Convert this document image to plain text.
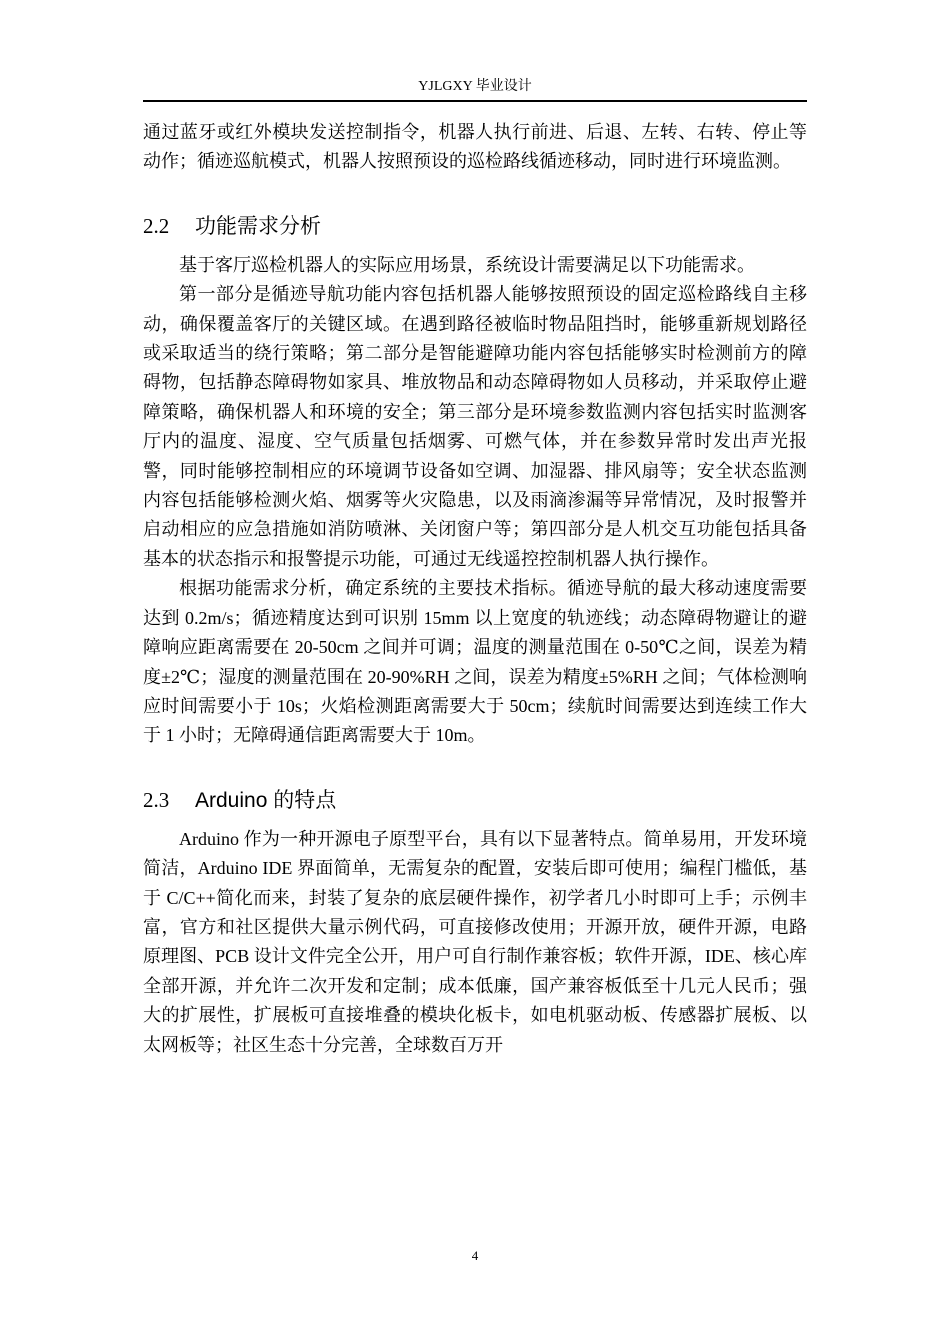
YJLGXY 毕业设计

通过蓝牙或红外模块发送控制指令，机器人执行前进、后退、左转、右转、停止等动作；循迹巡航模式，机器人按照预设的巡检路线循迹移动，同时进行环境监测。

2.2 功能需求分析

基于客厅巡检机器人的实际应用场景，系统设计需要满足以下功能需求。

第一部分是循迹导航功能内容包括机器人能够按照预设的固定巡检路线自主移动，确保覆盖客厅的关键区域。在遇到路径被临时物品阻挡时，能够重新规划路径或采取适当的绕行策略；第二部分是智能避障功能内容包括能够实时检测前方的障碍物，包括静态障碍物如家具、堆放物品和动态障碍物如人员移动，并采取停止避障策略，确保机器人和环境的安全；第三部分是环境参数监测内容包括实时监测客厅内的温度、湿度、空气质量包括烟雾、可燃气体，并在参数异常时发出声光报警，同时能够控制相应的环境调节设备如空调、加湿器、排风扇等；安全状态监测内容包括能够检测火焰、烟雾等火灾隐患，以及雨滴渗漏等异常情况，及时报警并启动相应的应急措施如消防喷淋、关闭窗户等；第四部分是人机交互功能包括具备基本的状态指示和报警提示功能，可通过无线遥控控制机器人执行操作。

根据功能需求分析，确定系统的主要技术指标。循迹导航的最大移动速度需要达到 0.2m/s；循迹精度达到可识别 15mm 以上宽度的轨迹线；动态障碍物避让的避障响应距离需要在 20-50cm 之间并可调；温度的测量范围在 0-50℃之间，误差为精度±2℃；湿度的测量范围在 20-90%RH 之间，误差为精度±5%RH 之间；气体检测响应时间需要小于 10s；火焰检测距离需要大于 50cm；续航时间需要达到连续工作大于 1 小时；无障碍通信距离需要大于 10m。

2.3 Arduino 的特点

Arduino 作为一种开源电子原型平台，具有以下显著特点。简单易用，开发环境简洁，Arduino IDE 界面简单，无需复杂的配置，安装后即可使用；编程门槛低，基于 C/C++简化而来，封装了复杂的底层硬件操作，初学者几小时即可上手；示例丰富，官方和社区提供大量示例代码，可直接修改使用；开源开放，硬件开源，电路原理图、PCB 设计文件完全公开，用户可自行制作兼容板；软件开源，IDE、核心库全部开源，并允许二次开发和定制；成本低廉，国产兼容板低至十几元人民币；强大的扩展性，扩展板可直接堆叠的模块化板卡，如电机驱动板、传感器扩展板、以太网板等；社区生态十分完善，全球数百万开

4
